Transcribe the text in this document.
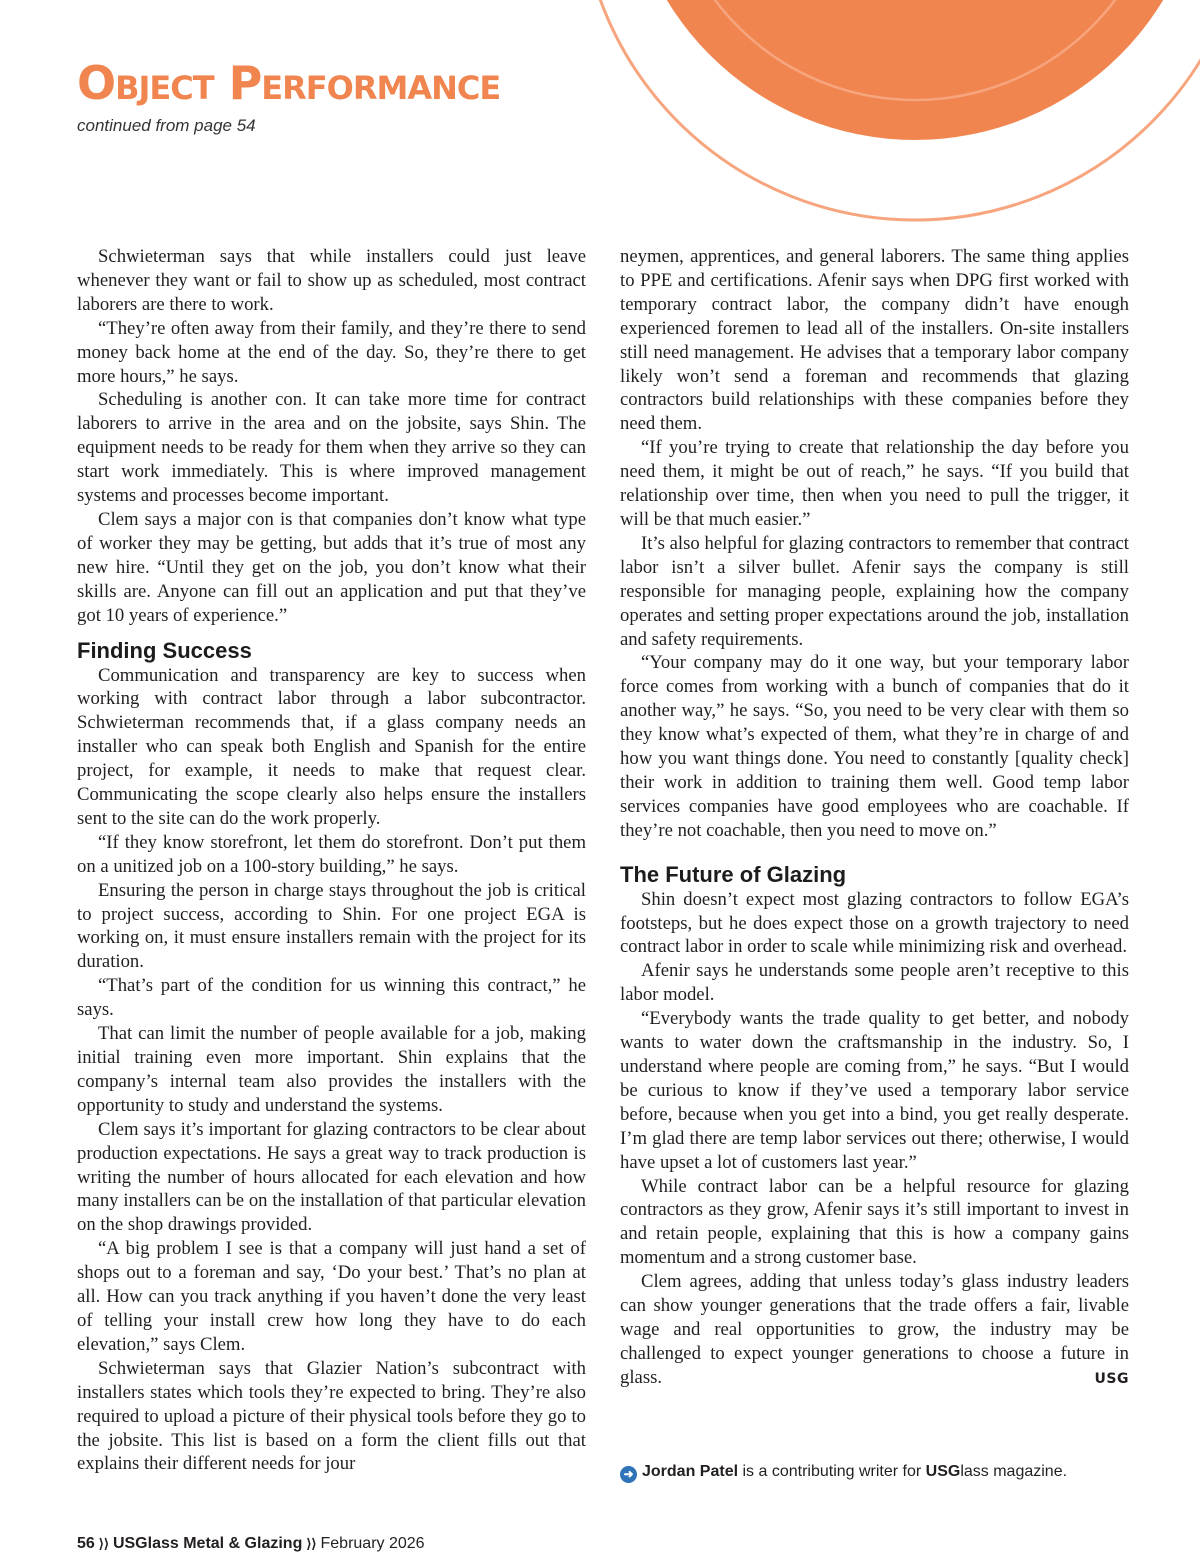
Object Performance

continued from page 54

Schwieterman says that while installers could just leave whenever they want or fail to show up as scheduled, most contract laborers are there to work.

“They’re often away from their family, and they’re there to send money back home at the end of the day. So, they’re there to get more hours,” he says.

Scheduling is another con. It can take more time for contract laborers to arrive in the area and on the jobsite, says Shin. The equipment needs to be ready for them when they arrive so they can start work immediately. This is where improved management systems and processes become important.

Clem says a major con is that companies don’t know what type of worker they may be getting, but adds that it’s true of most any new hire. “Until they get on the job, you don’t know what their skills are. Anyone can fill out an application and put that they’ve got 10 years of experience.”

Finding Success

Communication and transparency are key to success when working with contract labor through a labor subcontractor. Schwieterman recommends that, if a glass company needs an installer who can speak both English and Spanish for the entire project, for example, it needs to make that request clear. Communicating the scope clearly also helps ensure the installers sent to the site can do the work properly.

“If they know storefront, let them do storefront. Don’t put them on a unitized job on a 100-story building,” he says.

Ensuring the person in charge stays throughout the job is critical to project success, according to Shin. For one project EGA is working on, it must ensure installers remain with the project for its duration.

“That’s part of the condition for us winning this contract,” he says.

That can limit the number of people available for a job, making initial training even more important. Shin explains that the company’s internal team also provides the installers with the opportunity to study and understand the systems.

Clem says it’s important for glazing contractors to be clear about production expectations. He says a great way to track production is writing the number of hours allocated for each elevation and how many installers can be on the installation of that particular elevation on the shop drawings provided.

“A big problem I see is that a company will just hand a set of shops out to a foreman and say, ‘Do your best.’ That’s no plan at all. How can you track anything if you haven’t done the very least of telling your install crew how long they have to do each elevation,” says Clem.

Schwieterman says that Glazier Nation’s subcontract with installers states which tools they’re expected to bring. They’re also required to upload a picture of their physical tools before they go to the jobsite. This list is based on a form the client fills out that explains their different needs for jour

neymen, apprentices, and general laborers. The same thing applies to PPE and certifications. Afenir says when DPG first worked with temporary contract labor, the company didn’t have enough experienced foremen to lead all of the installers. On-site installers still need management. He advises that a temporary labor company likely won’t send a foreman and recommends that glazing contractors build relationships with these companies before they need them.

“If you’re trying to create that relationship the day before you need them, it might be out of reach,” he says. “If you build that relationship over time, then when you need to pull the trigger, it will be that much easier.”

It’s also helpful for glazing contractors to remember that contract labor isn’t a silver bullet. Afenir says the company is still responsible for managing people, explaining how the company operates and setting proper expectations around the job, installation and safety requirements.

“Your company may do it one way, but your temporary labor force comes from working with a bunch of companies that do it another way,” he says. “So, you need to be very clear with them so they know what’s expected of them, what they’re in charge of and how you want things done. You need to constantly [quality check] their work in addition to training them well. Good temp labor services companies have good employees who are coachable. If they’re not coachable, then you need to move on.”

The Future of Glazing

Shin doesn’t expect most glazing contractors to follow EGA’s footsteps, but he does expect those on a growth trajectory to need contract labor in order to scale while minimizing risk and overhead.

Afenir says he understands some people aren’t receptive to this labor model.

“Everybody wants the trade quality to get better, and nobody wants to water down the craftsmanship in the industry. So, I understand where people are coming from,” he says. “But I would be curious to know if they’ve used a temporary labor service before, because when you get into a bind, you get really desperate. I’m glad there are temp labor services out there; otherwise, I would have upset a lot of customers last year.”

While contract labor can be a helpful resource for glazing contractors as they grow, Afenir says it’s still important to invest in and retain people, explaining that this is how a company gains momentum and a strong customer base.

Clem agrees, adding that unless today’s glass industry leaders can show younger generations that the trade offers a fair, livable wage and real opportunities to grow, the industry may be challenged to expect younger generations to choose a future in glass.	USG

➜ Jordan Patel is a contributing writer for USGlass magazine.
56 ⟩⟩ USGlass Metal & Glazing ⟩⟩ February 2026
